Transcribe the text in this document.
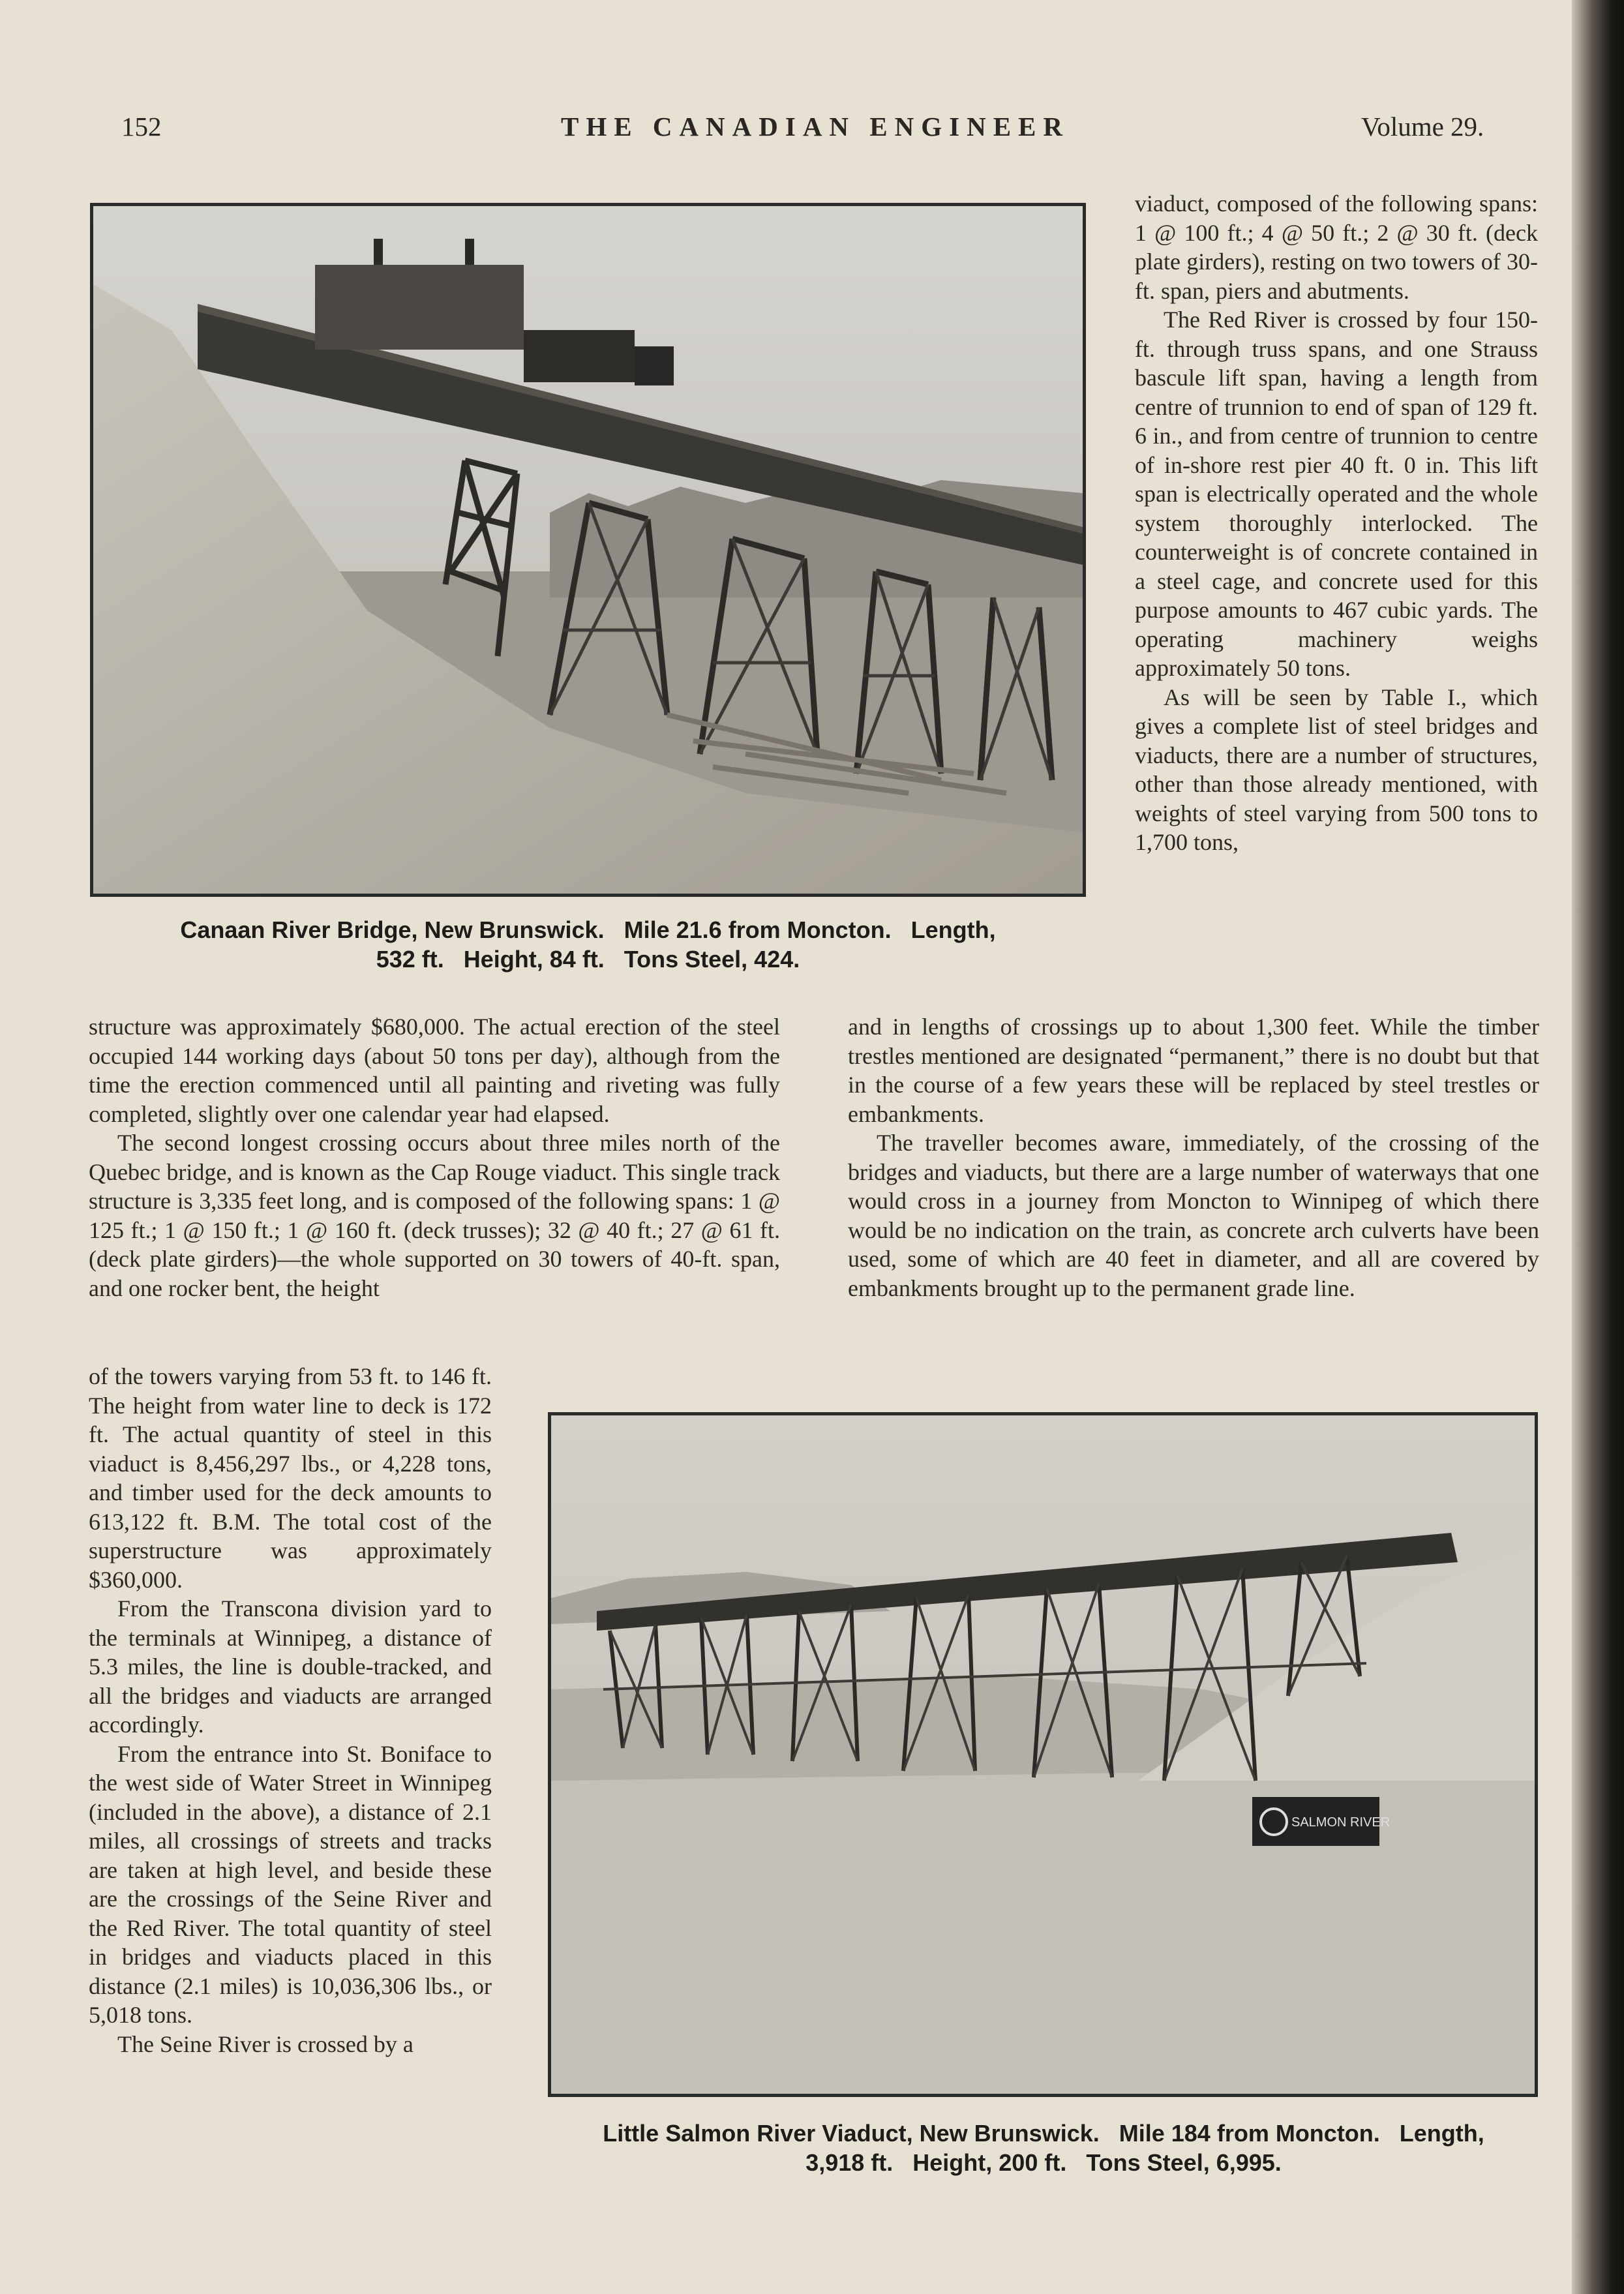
152	THE CANADIAN ENGINEER	Volume 29.
Canaan River Bridge, New Brunswick.   Mile 21.6 from Moncton.   Length,
532 ft.   Height, 84 ft.   Tons Steel, 424.

viaduct, composed of the following spans: 1 @ 100 ft.; 4 @ 50 ft.; 2 @ 30 ft. (deck plate girders), resting on two towers of 30-ft. span, piers and abutments.

The Red River is crossed by four 150-ft. through truss spans, and one Strauss bascule lift span, having a length from centre of trunnion to end of span of 129 ft. 6 in., and from centre of trunnion to centre of in-shore rest pier 40 ft. 0 in. This lift span is electrically operated and the whole system thoroughly interlocked. The counterweight is of concrete contained in a steel cage, and concrete used for this purpose amounts to 467 cubic yards. The operating machinery weighs approximately 50 tons.

As will be seen by Table I., which gives a complete list of steel bridges and viaducts, there are a number of structures, other than those already mentioned, with weights of steel varying from 500 tons to 1,700 tons,

structure was approximately $680,000. The actual erection of the steel occupied 144 working days (about 50 tons per day), although from the time the erection commenced until all painting and riveting was fully completed, slightly over one calendar year had elapsed.

The second longest crossing occurs about three miles north of the Quebec bridge, and is known as the Cap Rouge viaduct. This single track structure is 3,335 feet long, and is composed of the following spans: 1 @ 125 ft.; 1 @ 150 ft.; 1 @ 160 ft. (deck trusses); 32 @ 40 ft.; 27 @ 61 ft. (deck plate girders)—the whole supported on 30 towers of 40-ft. span, and one rocker bent, the height

and in lengths of crossings up to about 1,300 feet. While the timber trestles mentioned are designated “permanent,” there is no doubt but that in the course of a few years these will be replaced by steel trestles or embankments.

The traveller becomes aware, immediately, of the crossing of the bridges and viaducts, but there are a large number of waterways that one would cross in a journey from Moncton to Winnipeg of which there would be no indication on the train, as concrete arch culverts have been used, some of which are 40 feet in diameter, and all are covered by embankments brought up to the permanent grade line.

of the towers varying from 53 ft. to 146 ft. The height from water line to deck is 172 ft. The actual quantity of steel in this viaduct is 8,456,297 lbs., or 4,228 tons, and timber used for the deck amounts to 613,122 ft. B.M. The total cost of the superstructure was approximately $360,000.

From the Transcona division yard to the terminals at Winnipeg, a distance of 5.3 miles, the line is double-tracked, and all the bridges and viaducts are arranged accordingly.

From the entrance into St. Boniface to the west side of Water Street in Winnipeg (included in the above), a distance of 2.1 miles, all crossings of streets and tracks are taken at high level, and beside these are the crossings of the Seine River and the Red River. The total quantity of steel in bridges and viaducts placed in this distance (2.1 miles) is 10,036,306 lbs., or 5,018 tons.

The Seine River is crossed by a

SALMON RIVER
Little Salmon River Viaduct, New Brunswick.   Mile 184 from Moncton.   Length,
3,918 ft.   Height, 200 ft.   Tons Steel, 6,995.
